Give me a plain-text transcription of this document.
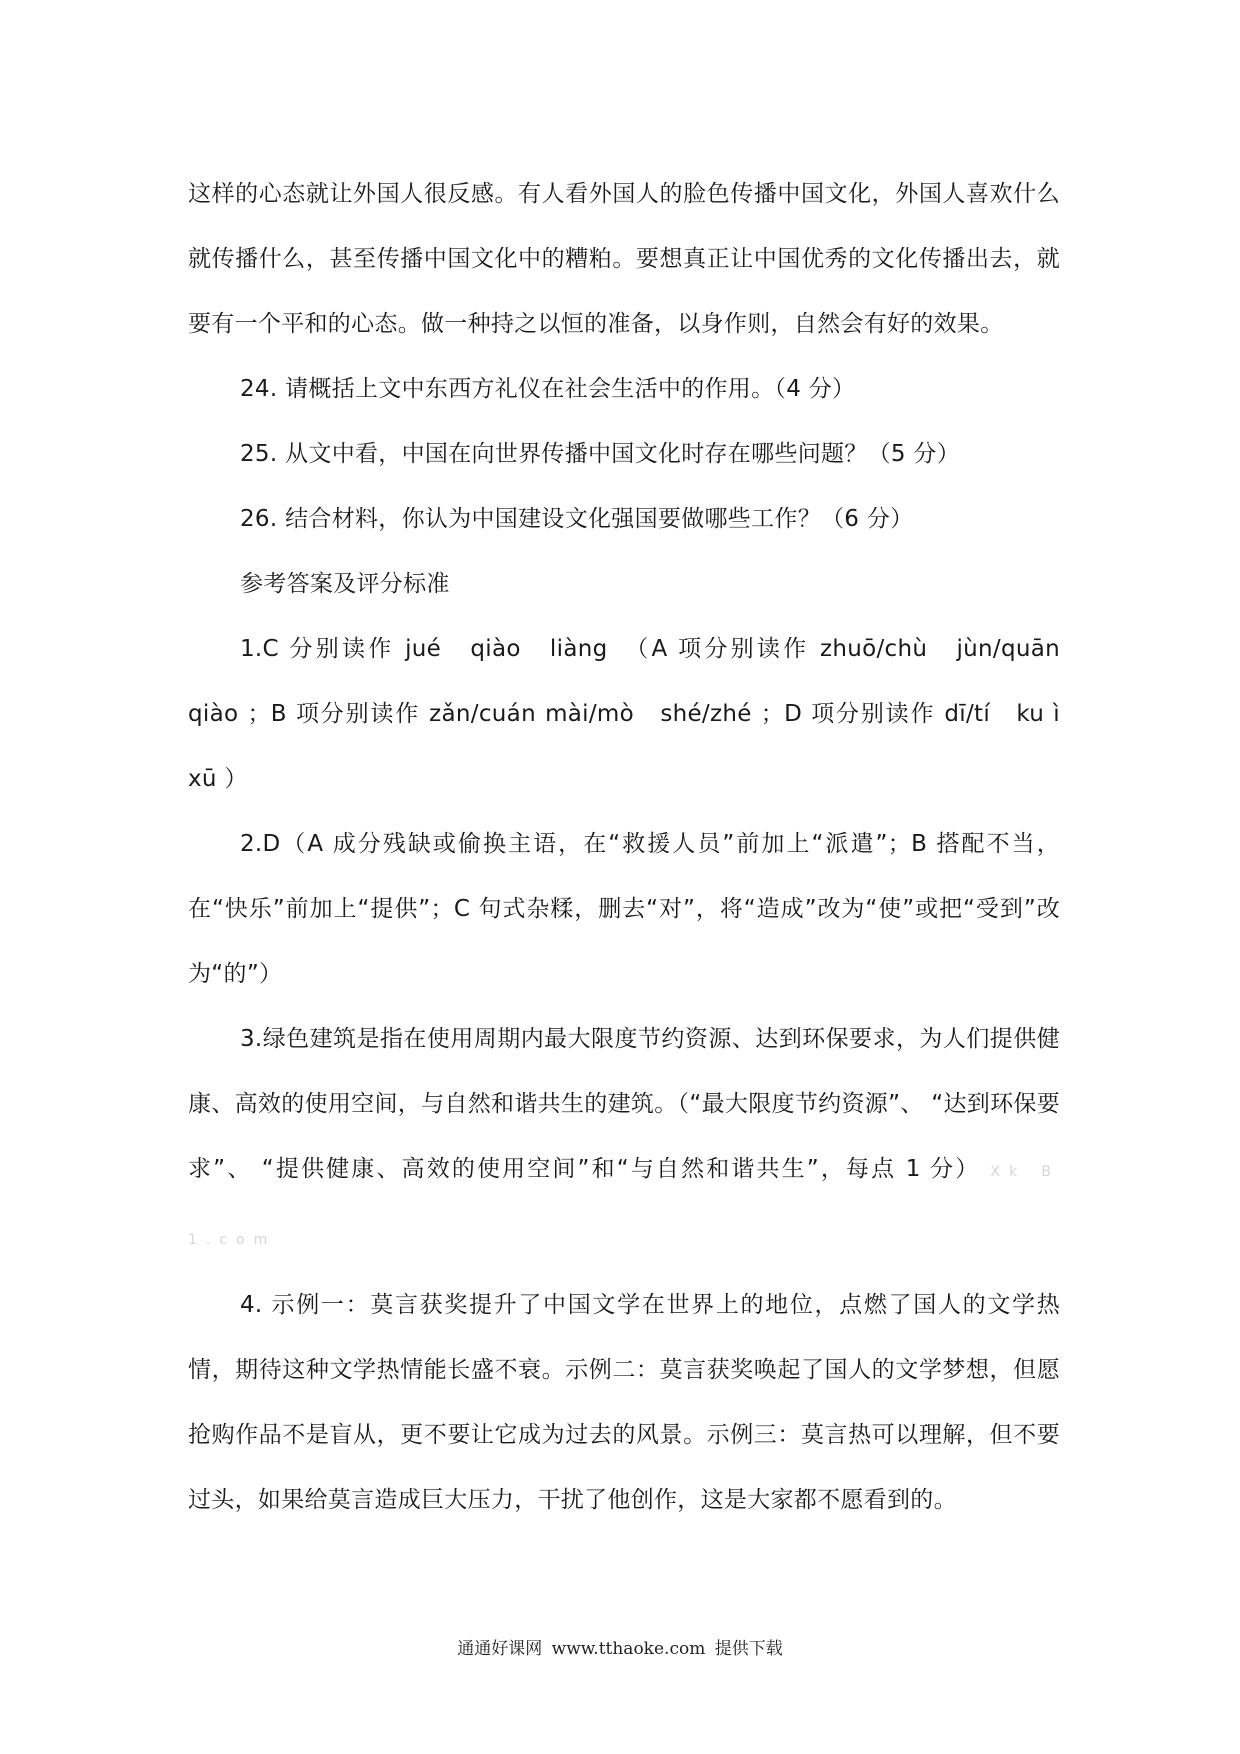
这样的心态就让外国人很反感。有人看外国人的脸色传播中国文化，外国人喜欢什么就传播什么，甚至传播中国文化中的糟粕。要想真正让中国优秀的文化传播出去，就要有一个平和的心态。做一种持之以恒的准备，以身作则，自然会有好的效果。

24. 请概括上文中东西方礼仪在社会生活中的作用。（4 分）

25. 从文中看，中国在向世界传播中国文化时存在哪些问题？（5 分）

26. 结合材料，你认为中国建设文化强国要做哪些工作？（6 分）

参考答案及评分标准

1.C 分别读作 jué　qiào　liàng　（A 项分别读作 zhuō/chù　jùn/quān　qiào ；B 项分别读作 zǎn/cuán mài/mò　shé/zhé ；D 项分别读作 dī/tí　ku ì　xū ）

2.D（A 成分残缺或偷换主语，在“救援人员”前加上“派遣”；B 搭配不当，在“快乐”前加上“提供”；C 句式杂糅，删去“对”，将“造成”改为“使”或把“受到”改为“的”）

3.绿色建筑是指在使用周期内最大限度节约资源、达到环保要求，为人们提供健康、高效的使用空间，与自然和谐共生的建筑。（“最大限度节约资源”、 “达到环保要求”、 “提供健康、高效的使用空间”和“与自然和谐共生”，每点 1 分） Xk B 1.com

4. 示例一：莫言获奖提升了中国文学在世界上的地位，点燃了国人的文学热情，期待这种文学热情能长盛不衰。示例二：莫言获奖唤起了国人的文学梦想，但愿抢购作品不是盲从，更不要让它成为过去的风景。示例三：莫言热可以理解，但不要过头，如果给莫言造成巨大压力，干扰了他创作，这是大家都不愿看到的。

通通好课网 www.tthaoke.com 提供下载
